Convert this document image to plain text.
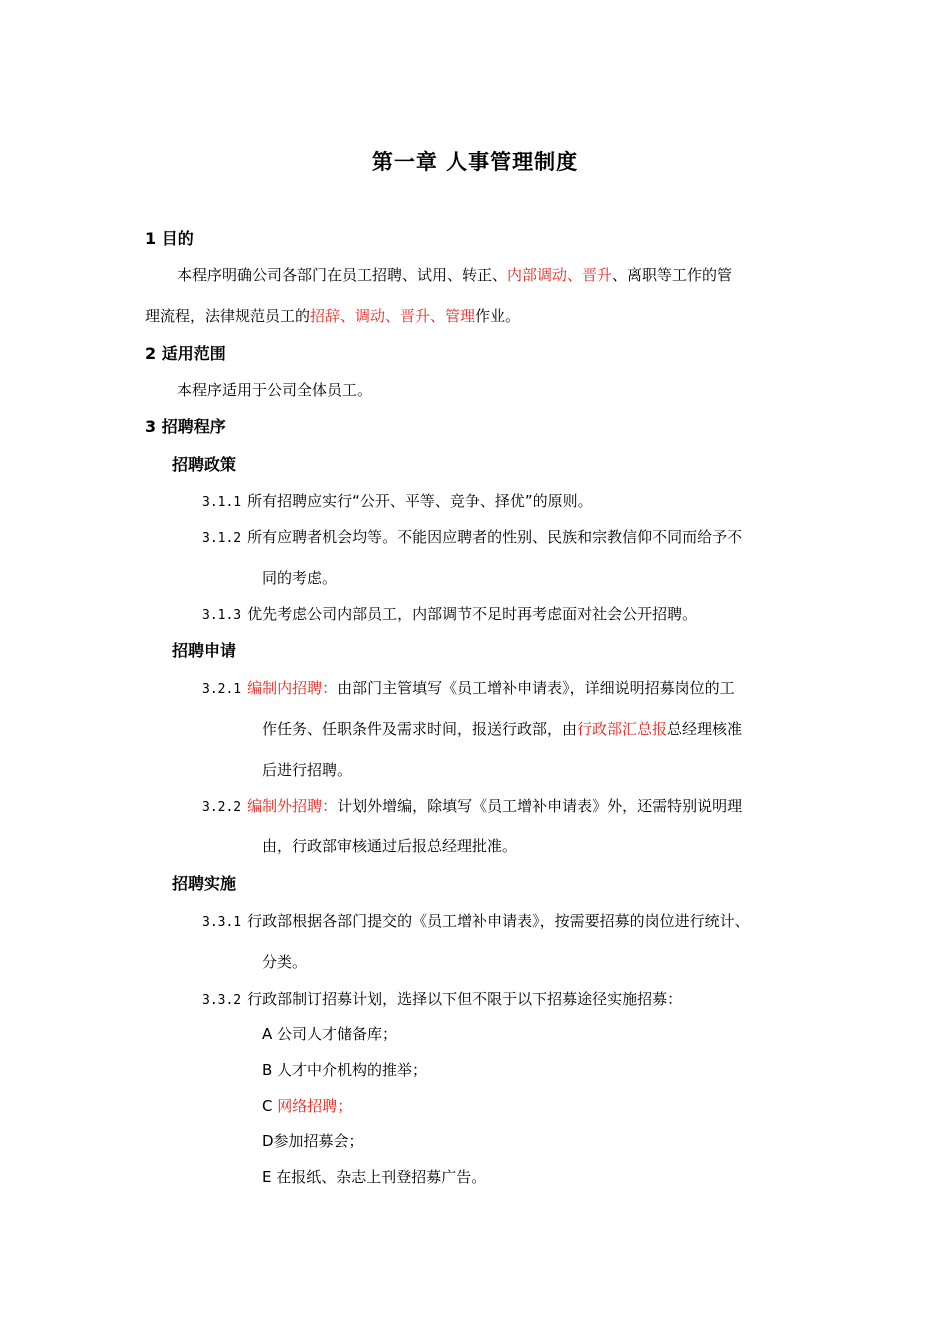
第一章 人事管理制度
1 目的
本程序明确公司各部门在员工招聘、试用、转正、内部调动、晋升、离职等工作的管
理流程，法律规范员工的招辞、调动、晋升、管理作业。
2 适用范围
本程序适用于公司全体员工。
3 招聘程序
招聘政策
3.1.1 所有招聘应实行“公开、平等、竞争、择优”的原则。
3.1.2 所有应聘者机会均等。不能因应聘者的性别、民族和宗教信仰不同而给予不
同的考虑。
3.1.3 优先考虑公司内部员工，内部调节不足时再考虑面对社会公开招聘。
招聘申请
3.2.1 编制内招聘：由部门主管填写《员工增补申请表》，详细说明招募岗位的工
作任务、任职条件及需求时间，报送行政部，由行政部汇总报总经理核准
后进行招聘。
3.2.2 编制外招聘：计划外增编，除填写《员工增补申请表》外，还需特别说明理
由，行政部审核通过后报总经理批准。
招聘实施
3.3.1 行政部根据各部门提交的《员工增补申请表》，按需要招募的岗位进行统计、
分类。
3.3.2 行政部制订招募计划，选择以下但不限于以下招募途径实施招募：
A 公司人才储备库；
B 人才中介机构的推举；
C 网络招聘；
D参加招募会；
E 在报纸、杂志上刊登招募广告。
